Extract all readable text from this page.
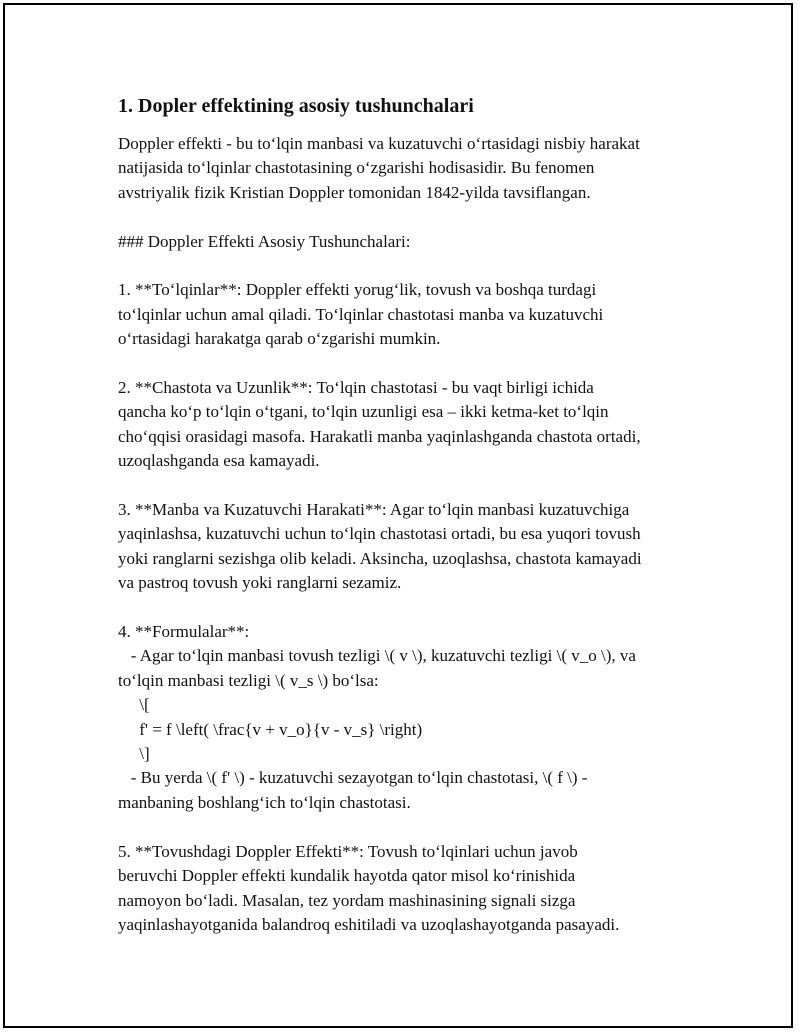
1. Dopler effektining asosiy tushunchalari
Doppler effekti - bu to‘lqin manbasi va kuzatuvchi o‘rtasidagi nisbiy harakat
natijasida to‘lqinlar chastotasining o‘zgarishi hodisasidir. Bu fenomen
avstriyalik fizik Kristian Doppler tomonidan 1842-yilda tavsiflangan.
### Doppler Effekti Asosiy Tushunchalari:
1. **To‘lqinlar**: Doppler effekti yorug‘lik, tovush va boshqa turdagi
to‘lqinlar uchun amal qiladi. To‘lqinlar chastotasi manba va kuzatuvchi
o‘rtasidagi harakatga qarab o‘zgarishi mumkin.
2. **Chastota va Uzunlik**: To‘lqin chastotasi - bu vaqt birligi ichida
qancha ko‘p to‘lqin o‘tgani, to‘lqin uzunligi esa – ikki ketma-ket to‘lqin
cho‘qqisi orasidagi masofa. Harakatli manba yaqinlashganda chastota ortadi,
uzoqlashganda esa kamayadi.
3. **Manba va Kuzatuvchi Harakati**: Agar to‘lqin manbasi kuzatuvchiga
yaqinlashsa, kuzatuvchi uchun to‘lqin chastotasi ortadi, bu esa yuqori tovush
yoki ranglarni sezishga olib keladi. Aksincha, uzoqlashsa, chastota kamayadi
va pastroq tovush yoki ranglarni sezamiz.
4. **Formulalar**:
- Agar to‘lqin manbasi tovush tezligi \( v \), kuzatuvchi tezligi \( v_o \), va
to‘lqin manbasi tezligi \( v_s \) bo‘lsa:
\[
f' = f \left( \frac{v + v_o}{v - v_s} \right)
\]
- Bu yerda \( f' \) - kuzatuvchi sezayotgan to‘lqin chastotasi, \( f \) -
manbaning boshlang‘ich to‘lqin chastotasi.
5. **Tovushdagi Doppler Effekti**: Tovush to‘lqinlari uchun javob
beruvchi Doppler effekti kundalik hayotda qator misol ko‘rinishida
namoyon bo‘ladi. Masalan, tez yordam mashinasining signali sizga
yaqinlashayotganida balandroq eshitiladi va uzoqlashayotganda pasayadi.
